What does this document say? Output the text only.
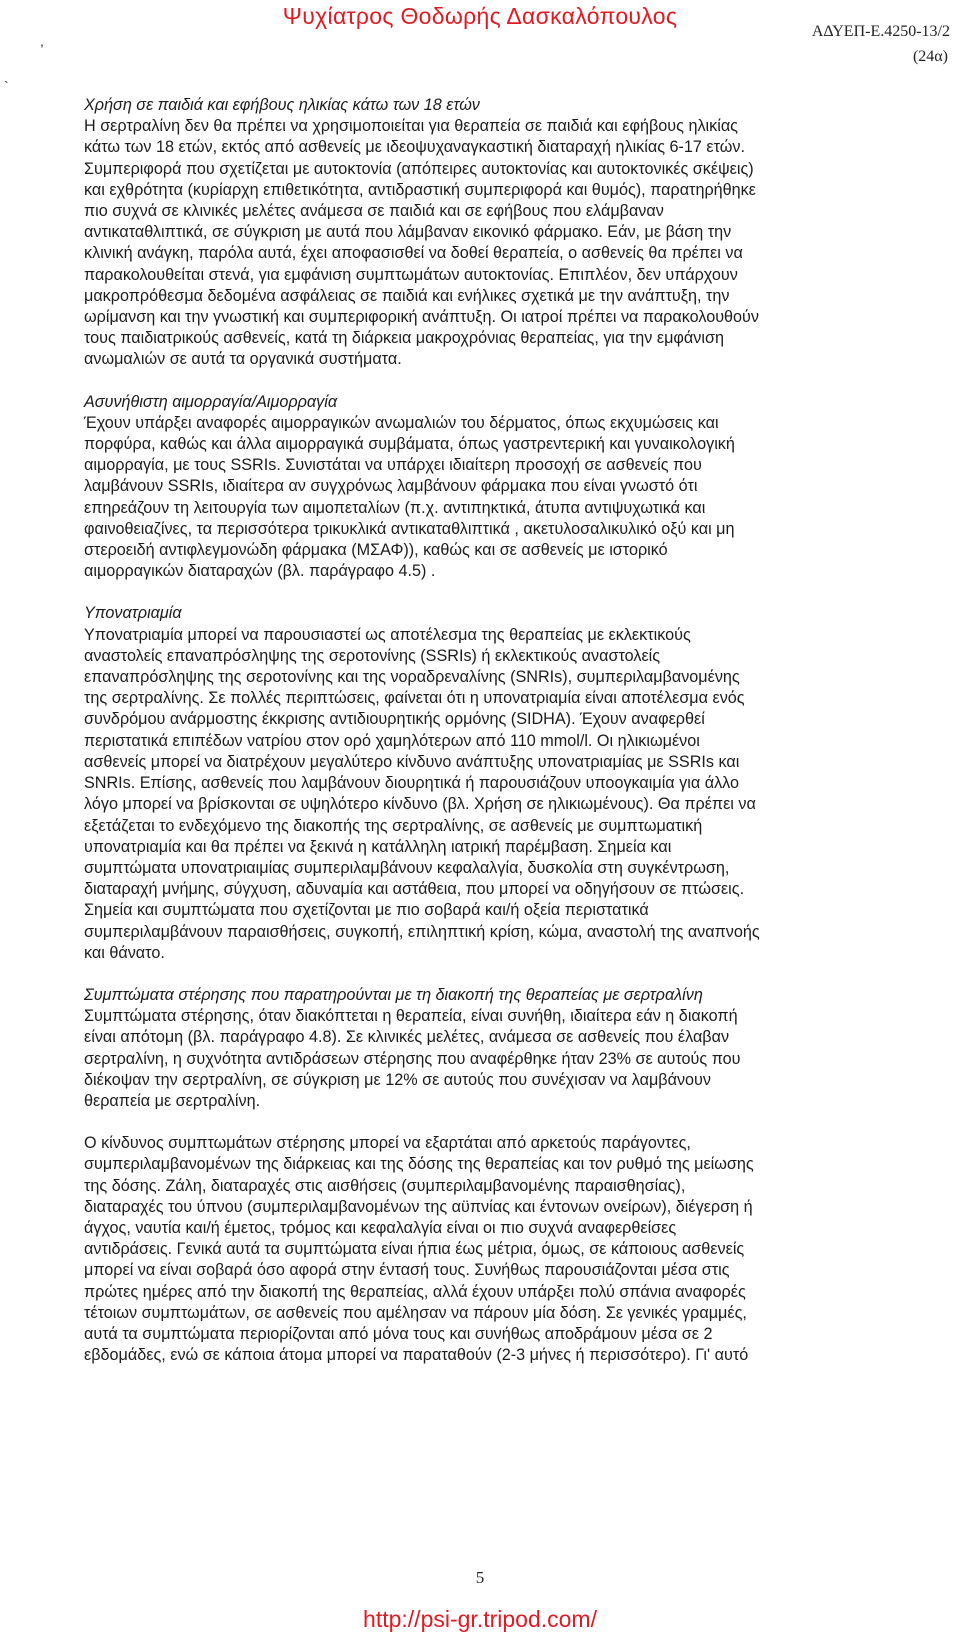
Ψυχίατρος Θοδωρής Δασκαλόπουλος
ΑΔΥΕΠ-Ε.4250-13/2
(24α)
,
`

Χρήση σε παιδιά και εφήβους ηλικίας κάτω των 18 ετών

Η σερτραλίνη δεν θα πρέπει να χρησιμοποιείται για θεραπεία σε παιδιά και εφήβους ηλικίας
κάτω των 18 ετών, εκτός από ασθενείς με ιδεοψυχαναγκαστική διαταραχή ηλικίας 6-17 ετών.
Συμπεριφορά που σχετίζεται με αυτοκτονία (απόπειρες αυτοκτονίας και αυτοκτονικές σκέψεις)
και εχθρότητα (κυρίαρχη επιθετικότητα, αντιδραστική συμπεριφορά και θυμός), παρατηρήθηκε
πιο συχνά σε κλινικές μελέτες ανάμεσα σε παιδιά και σε εφήβους που ελάμβαναν
αντικαταθλιπτικά, σε σύγκριση με αυτά που λάμβαναν εικονικό φάρμακο. Εάν, με βάση την
κλινική ανάγκη, παρόλα αυτά, έχει αποφασισθεί να δοθεί θεραπεία, ο ασθενείς θα πρέπει να
παρακολουθείται στενά, για εμφάνιση συμπτωμάτων αυτοκτονίας. Επιπλέον, δεν υπάρχουν
μακροπρόθεσμα δεδομένα ασφάλειας σε παιδιά και ενήλικες σχετικά με την ανάπτυξη, την
ωρίμανση και την γνωστική και συμπεριφορική ανάπτυξη. Οι ιατροί πρέπει να παρακολουθούν
τους παιδιατρικούς ασθενείς, κατά τη διάρκεια μακροχρόνιας θεραπείας, για την εμφάνιση
ανωμαλιών σε αυτά τα οργανικά συστήματα.

Ασυνήθιστη αιμορραγία/Αιμορραγία

Έχουν υπάρξει αναφορές αιμορραγικών ανωμαλιών του δέρματος, όπως εκχυμώσεις και
πορφύρα, καθώς και άλλα αιμορραγικά συμβάματα, όπως γαστρεντερική και γυναικολογική
αιμορραγία, με τους SSRIs. Συνιστάται να υπάρχει ιδιαίτερη προσοχή σε ασθενείς που
λαμβάνουν SSRIs, ιδιαίτερα αν συγχρόνως λαμβάνουν φάρμακα που είναι γνωστό ότι
επηρεάζουν τη λειτουργία των αιμοπεταλίων (π.χ. αντιπηκτικά, άτυπα αντιψυχωτικά και
φαινοθειαζίνες, τα περισσότερα τρικυκλικά αντικαταθλιπτικά , ακετυλοσαλικυλικό οξύ και μη
στεροειδή αντιφλεγμονώδη φάρμακα (ΜΣΑΦ)), καθώς και σε ασθενείς με ιστορικό
αιμορραγικών διαταραχών (βλ. παράγραφο 4.5) .

Υπονατριαμία

Υπονατριαμία μπορεί να παρουσιαστεί ως αποτέλεσμα της θεραπείας με εκλεκτικούς
αναστολείς επαναπρόσληψης της σεροτονίνης (SSRIs) ή εκλεκτικούς αναστολείς
επαναπρόσληψης της σεροτονίνης και της νοραδρεναλίνης (SNRIs), συμπεριλαμβανομένης
της σερτραλίνης. Σε πολλές περιπτώσεις, φαίνεται ότι η υπονατριαμία είναι αποτέλεσμα ενός
συνδρόμου ανάρμοστης έκκρισης αντιδιουρητικής ορμόνης (SIDHA). Έχουν αναφερθεί
περιστατικά επιπέδων νατρίου στον ορό χαμηλότερων από 110 mmol/l. Οι ηλικιωμένοι
ασθενείς μπορεί να διατρέχουν μεγαλύτερο κίνδυνο ανάπτυξης υπονατριαμίας με SSRIs και
SNRIs. Επίσης, ασθενείς που λαμβάνουν διουρητικά ή παρουσιάζουν υποογκαιμία για άλλο
λόγο μπορεί να βρίσκονται σε υψηλότερο κίνδυνο (βλ. Χρήση σε ηλικιωμένους). Θα πρέπει να
εξετάζεται το ενδεχόμενο της διακοπής της σερτραλίνης, σε ασθενείς με συμπτωματική
υπονατριαμία και θα πρέπει να ξεκινά η κατάλληλη ιατρική παρέμβαση. Σημεία και
συμπτώματα υπονατριαιμίας συμπεριλαμβάνουν κεφαλαλγία, δυσκολία στη συγκέντρωση,
διαταραχή μνήμης, σύγχυση, αδυναμία και αστάθεια, που μπορεί να οδηγήσουν σε πτώσεις.
Σημεία και συμπτώματα που σχετίζονται με πιο σοβαρά και/ή οξεία περιστατικά
συμπεριλαμβάνουν παραισθήσεις, συγκοπή, επιληπτική κρίση, κώμα, αναστολή της αναπνοής
και θάνατο.

Συμπτώματα στέρησης που παρατηρούνται με τη διακοπή της θεραπείας με σερτραλίνη

Συμπτώματα στέρησης, όταν διακόπτεται η θεραπεία, είναι συνήθη, ιδιαίτερα εάν η διακοπή
είναι απότομη (βλ. παράγραφο 4.8). Σε κλινικές μελέτες, ανάμεσα σε ασθενείς που έλαβαν
σερτραλίνη, η συχνότητα αντιδράσεων στέρησης που αναφέρθηκε ήταν 23% σε αυτούς που
διέκοψαν την σερτραλίνη, σε σύγκριση με 12% σε αυτούς που συνέχισαν να λαμβάνουν
θεραπεία με σερτραλίνη.

Ο κίνδυνος συμπτωμάτων στέρησης μπορεί να εξαρτάται από αρκετούς παράγοντες,
συμπεριλαμβανομένων της διάρκειας και της δόσης της θεραπείας και τον ρυθμό της μείωσης
της δόσης. Ζάλη, διαταραχές στις αισθήσεις (συμπεριλαμβανομένης παραισθησίας),
διαταραχές του ύπνου (συμπεριλαμβανομένων της αϋπνίας και έντονων ονείρων), διέγερση ή
άγχος, ναυτία και/ή έμετος, τρόμος και κεφαλαλγία είναι οι πιο συχνά αναφερθείσες
αντιδράσεις. Γενικά αυτά τα συμπτώματα είναι ήπια έως μέτρια, όμως, σε κάποιους ασθενείς
μπορεί να είναι σοβαρά όσο αφορά στην έντασή τους. Συνήθως παρουσιάζονται μέσα στις
πρώτες ημέρες από την διακοπή της θεραπείας, αλλά έχουν υπάρξει πολύ σπάνια αναφορές
τέτοιων συμπτωμάτων, σε ασθενείς που αμέλησαν να πάρουν μία δόση. Σε γενικές γραμμές,
αυτά τα συμπτώματα περιορίζονται από μόνα τους και συνήθως αποδράμουν μέσα σε 2
εβδομάδες, ενώ σε κάποια άτομα μπορεί να παραταθούν (2-3 μήνες ή περισσότερο). Γι' αυτό

5
http://psi-gr.tripod.com/
